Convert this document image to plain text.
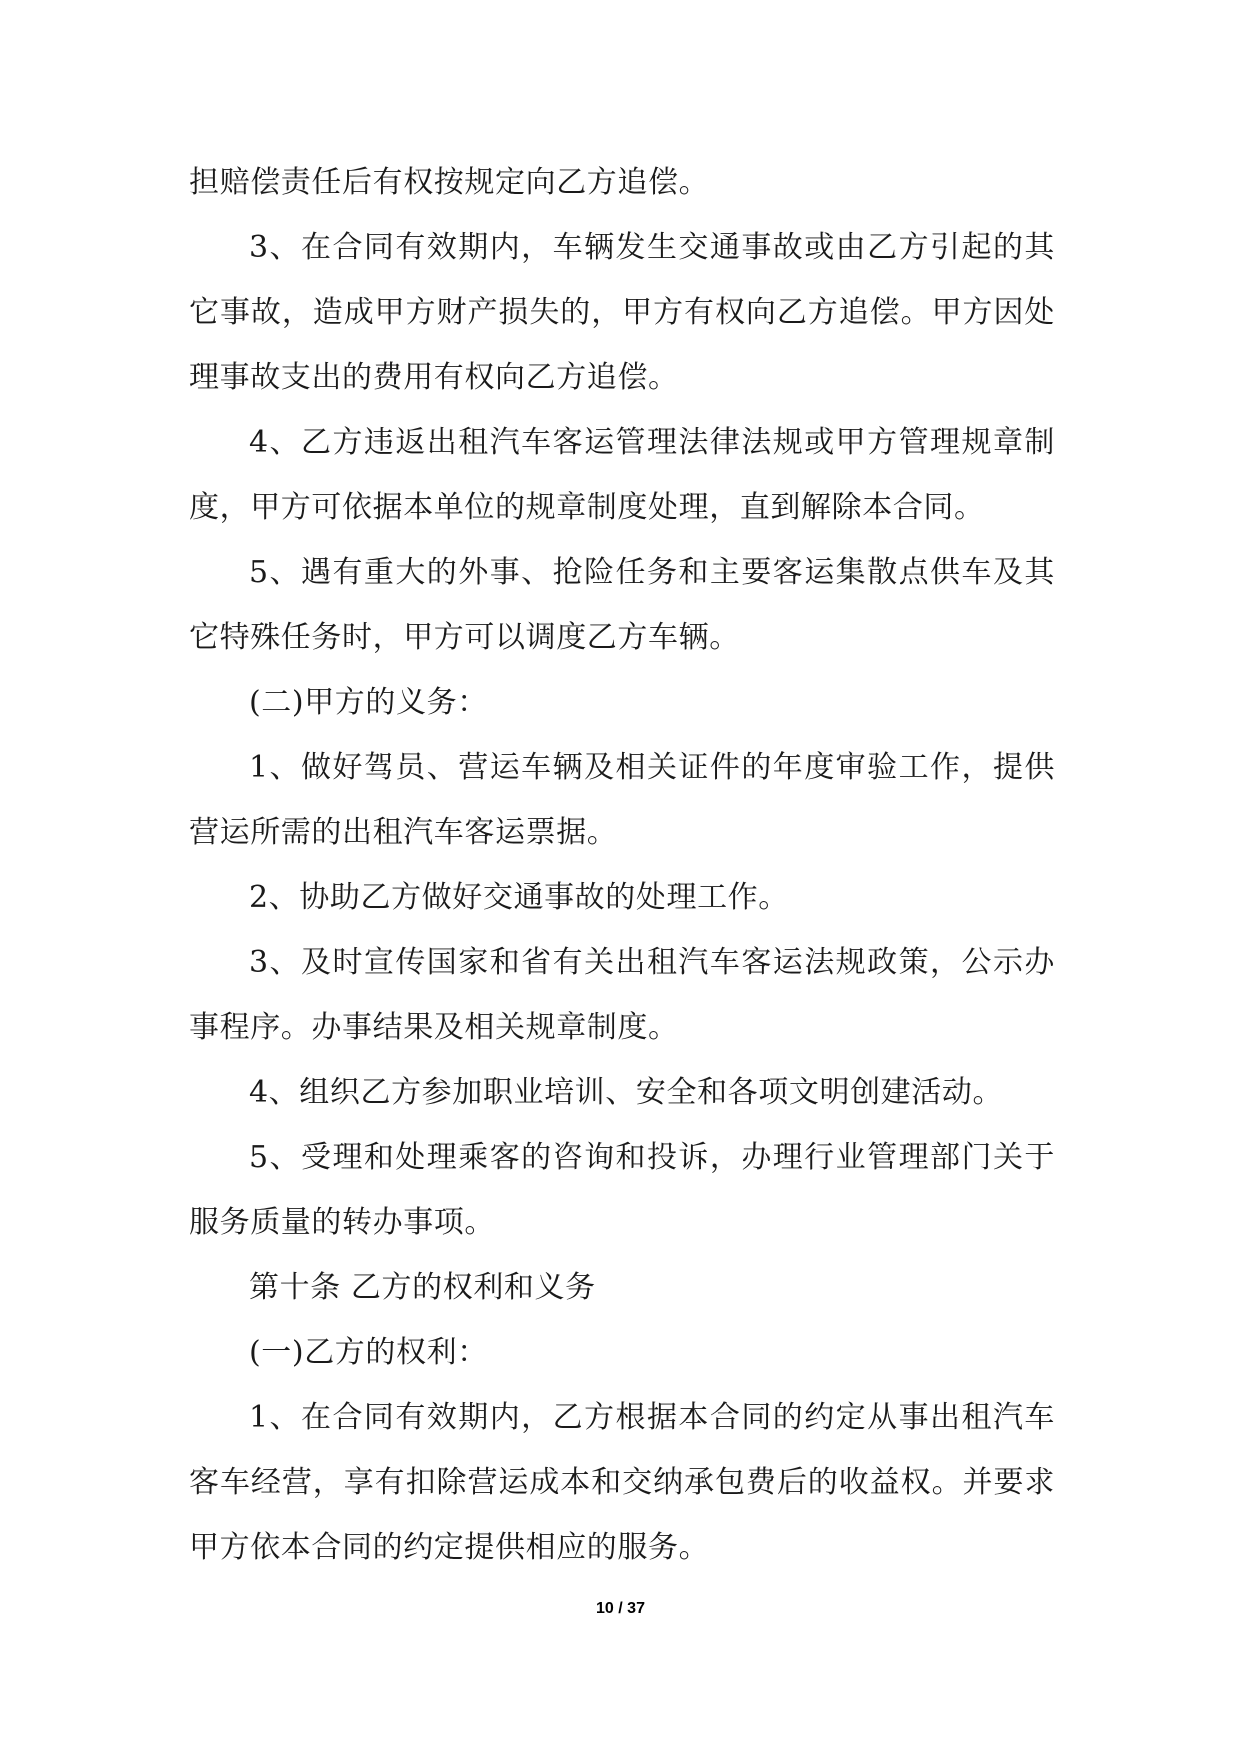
担赔偿责任后有权按规定向乙方追偿。

3、在合同有效期内，车辆发生交通事故或由乙方引起的其它事故，造成甲方财产损失的，甲方有权向乙方追偿。甲方因处理事故支出的费用有权向乙方追偿。

4、乙方违返出租汽车客运管理法律法规或甲方管理规章制度，甲方可依据本单位的规章制度处理，直到解除本合同。

5、遇有重大的外事、抢险任务和主要客运集散点供车及其它特殊任务时，甲方可以调度乙方车辆。

(二)甲方的义务：

1、做好驾员、营运车辆及相关证件的年度审验工作，提供营运所需的出租汽车客运票据。

2、协助乙方做好交通事故的处理工作。

3、及时宣传国家和省有关出租汽车客运法规政策，公示办事程序。办事结果及相关规章制度。

4、组织乙方参加职业培训、安全和各项文明创建活动。

5、受理和处理乘客的咨询和投诉，办理行业管理部门关于服务质量的转办事项。

第十条 乙方的权利和义务

(一)乙方的权利：

1、在合同有效期内，乙方根据本合同的约定从事出租汽车客车经营，享有扣除营运成本和交纳承包费后的收益权。并要求甲方依本合同的约定提供相应的服务。

10 / 37
